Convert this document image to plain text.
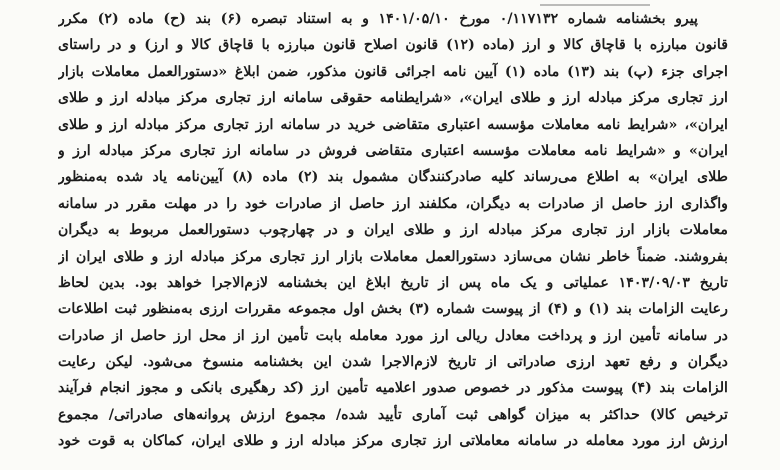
پیرو بخشنامه شماره ۰/۱۱۷۱۳۲ مورخ ۱۴۰۱/۰۵/۱۰ و به استناد تبصره (۶) بند (ح) ماده (۲) مکرر
قانون مبارزه با قاچاق کالا و ارز (ماده (۱۲) قانون اصلاح قانون مبارزه با قاچاق کالا و ارز) و در راستای
اجرای جزء (پ) بند (۱۳) ماده (۱) آیین نامه اجرائی قانون مذکور، ضمن ابلاغ «دستورالعمل معاملات بازار
ارز تجاری مرکز مبادله ارز و طلای ایران»، «شرایطنامه حقوقی سامانه ارز تجاری مرکز مبادله ارز و طلای
ایران»، «شرایط نامه معاملات مؤسسه اعتباری متقاضی خرید در سامانه ارز تجاری مرکز مبادله ارز و طلای
ایران» و «شرایط نامه معاملات مؤسسه اعتباری متقاضی فروش در سامانه ارز تجاری مرکز مبادله ارز و
طلای ایران» به اطلاع می‌رساند کلیه صادرکنندگان مشمول بند (۲) ماده (۸) آیین‌نامه یاد شده به‌منظور
واگذاری ارز حاصل از صادرات به دیگران، مکلفند ارز حاصل از صادرات خود را در مهلت مقرر در سامانه
معاملات بازار ارز تجاری مرکز مبادله ارز و طلای ایران و در چهارچوب دستورالعمل مربوط به دیگران
بفروشند. ضمناً خاطر نشان می‌سازد دستورالعمل معاملات بازار ارز تجاری مرکز مبادله ارز و طلای ایران از
تاریخ ۱۴۰۳/۰۹/۰۳ عملیاتی و یک ماه پس از تاریخ ابلاغ این بخشنامه لازم‌الاجرا خواهد بود. بدین لحاظ
رعایت الزامات بند (۱) و (۴) از پیوست شماره (۳) بخش اول مجموعه مقررات ارزی به‌منظور ثبت اطلاعات
در سامانه تأمین ارز و پرداخت معادل ریالی ارز مورد معامله بابت تأمین ارز از محل ارز حاصل از صادرات
دیگران و رفع تعهد ارزی صادراتی از تاریخ لازم‌الاجرا شدن این بخشنامه منسوخ می‌شود. لیکن رعایت
الزامات بند (۴) پیوست مذکور در خصوص صدور اعلامیه تأمین ارز (کد رهگیری بانکی و مجوز انجام فرآیند
ترخیص کالا) حداکثر به میزان گواهی ثبت آماری تأیید شده/ مجموع ارزش پروانه‌های صادراتی/ مجموع
ارزش ارز مورد معامله در سامانه معاملاتی ارز تجاری مرکز مبادله ارز و طلای ایران، کماکان به قوت خود
